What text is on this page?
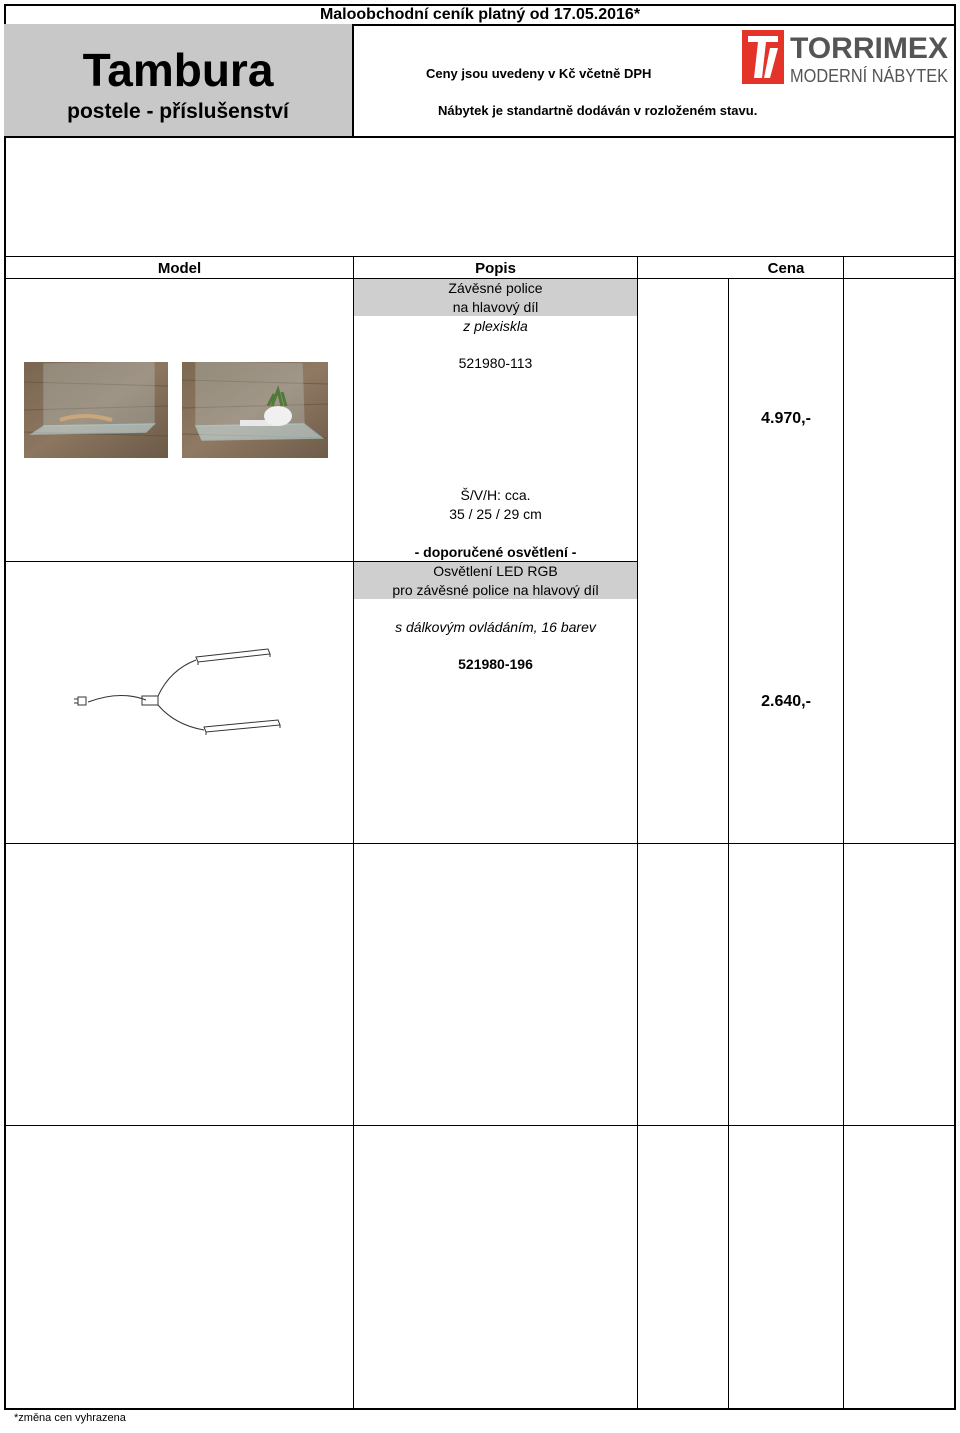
Maloobchodní ceník platný od 17.05.2016*
Tambura
postele - příslušenství
Ceny jsou uvedeny v Kč včetně DPH
Nábytek je standartně dodáván v rozloženém stavu.
TORRIMEX
MODERNÍ NÁBYTEK
Model	Popis	Cena
Závěsné police
na hlavový díl
z plexiskla
521980-113
Š/V/H: cca.
35 / 25 / 29 cm
4.970,-
- doporučené osvětlení -
Osvětlení LED RGB
pro závěsné police na hlavový díl
s dálkovým ovládáním, 16 barev
521980-196
2.640,-
*změna cen vyhrazena
